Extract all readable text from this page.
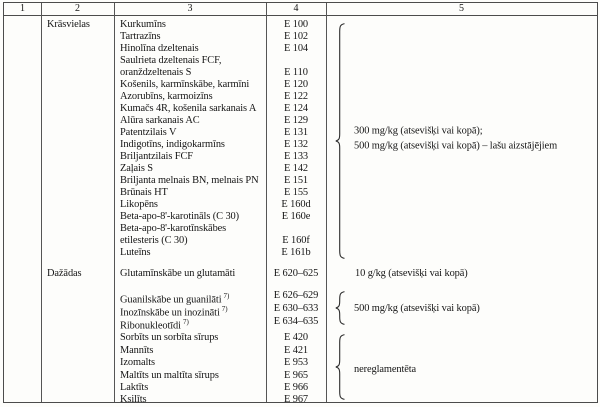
1	2	3	4	5
Krāsvielas	Kurkumīns	E 100
Tartrazīns	E 102
Hinolīna dzeltenais	E 104
Saulrieta dzeltenais FCF,
oranždzeltenais S	E 110
Košenils, karmīnskābe, karmīni	E 120
Azorubīns, karmoizīns	E 122
Kumačs 4R, košenila sarkanais A	E 124
Alūra sarkanais AC	E 129
Patentzilais V	E 131
Indigotīns, indigokarmīns	E 132
Briljantzilais FCF	E 133
Zaļais S	E 142
Briljanta melnais BN, melnais PN	E 151
Brūnais HT	E 155
Likopēns	E 160d
Beta-apo-8'-karotināls (C 30)	E 160e
Beta-apo-8'-karotīnskābes
etilesteris (C 30)	E 160f
Luteīns	E 161b
300 mg/kg (atsevišķi vai kopā);
500 mg/kg (atsevišķi vai kopā) – lašu aizstājējiem
Dažādas	Glutamīnskābe un glutamāti	E 620–625	10 g/kg (atsevišķi vai kopā)
Guanilskābe un guanilāti  $^{7)}$	E 626–629
Inozīnskābe un inozināti  $^{7)}$	E 630–633
Ribonukleotīdi  $^{7)}$	E 634–635
500 mg/kg (atsevišķi vai kopā)
Sorbīts un sorbīta sīrups	E 420
Mannīts	E 421
Izomalts	E 953
Maltīts un maltīta sīrups	E 965
Laktīts	E 966
Ksilīts	E 967
nereglamentēta
